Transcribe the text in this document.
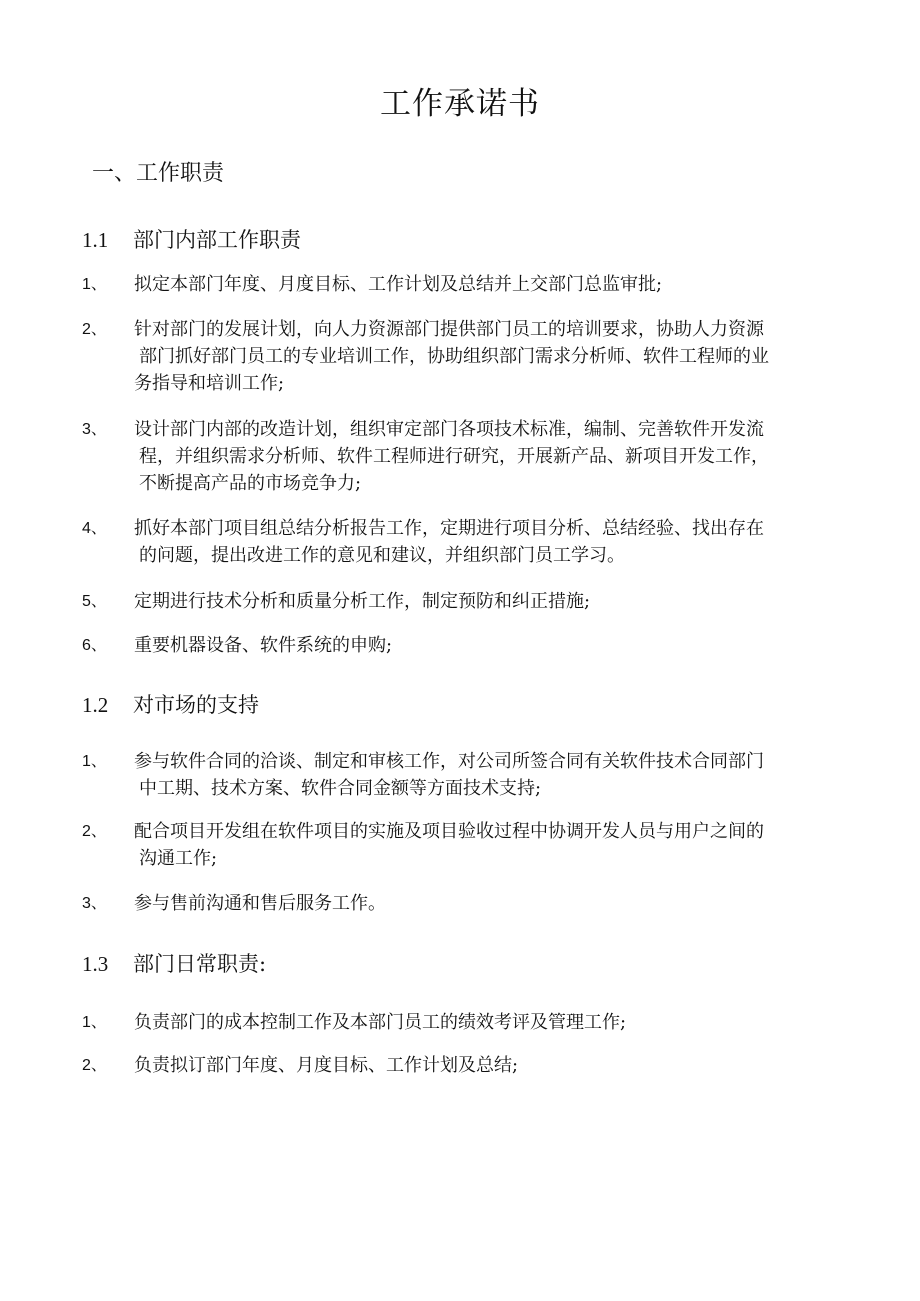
工作承诺书
一、工作职责
1.1 部门内部工作职责
1、 拟定本部门年度、月度目标、工作计划及总结并上交部门总监审批;
2、 针对部门的发展计划，向人力资源部门提供部门员工的培训要求，协助人力资源
部门抓好部门员工的专业培训工作，协助组织部门需求分析师、软件工程师的业
务指导和培训工作;
3、 设计部门内部的改造计划，组织审定部门各项技术标准，编制、完善软件开发流
程，并组织需求分析师、软件工程师进行研究，开展新产品、新项目开发工作，
不断提高产品的市场竞争力;
4、 抓好本部门项目组总结分析报告工作，定期进行项目分析、总结经验、找出存在
的问题，提出改进工作的意见和建议，并组织部门员工学习。
5、 定期进行技术分析和质量分析工作，制定预防和纠正措施;
6、 重要机器设备、软件系统的申购;
1.2 对市场的支持
1、 参与软件合同的洽谈、制定和审核工作，对公司所签合同有关软件技术合同部门
中工期、技术方案、软件合同金额等方面技术支持;
2、 配合项目开发组在软件项目的实施及项目验收过程中协调开发人员与用户之间的
沟通工作;
3、 参与售前沟通和售后服务工作。
1.3 部门日常职责:
1、 负责部门的成本控制工作及本部门员工的绩效考评及管理工作;
2、 负责拟订部门年度、月度目标、工作计划及总结;
